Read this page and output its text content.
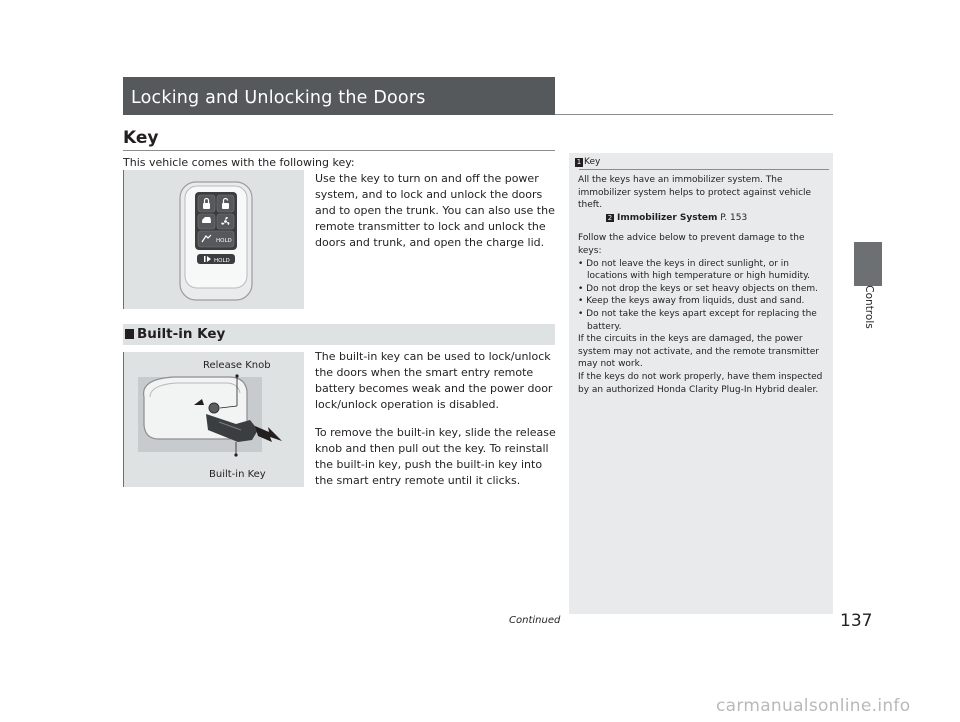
Locking and Unlocking the Doors
Key
This vehicle comes with the following key:
HOLD
HOLD
Use the key to turn on and off the power system, and to lock and unlock the doors and to open the trunk. You can also use the remote transmitter to lock and unlock the doors and trunk, and open the charge lid.
Built-in Key
Release Knob
Built-in Key

The built-in key can be used to lock/unlock the doors when the smart entry remote battery becomes weak and the power door lock/unlock operation is disabled.

To remove the built-in key, slide the release knob and then pull out the key. To reinstall the built-in key, push the built-in key into the smart entry remote until it clicks.

1 Key

All the keys have an immobilizer system. The immobilizer system helps to protect against vehicle theft.

2 Immobilizer System P. 153

Follow the advice below to prevent damage to the keys:

• Do not leave the keys in direct sunlight, or in locations with high temperature or high humidity.

• Do not drop the keys or set heavy objects on them.

• Keep the keys away from liquids, dust and sand.

• Do not take the keys apart except for replacing the battery.

If the circuits in the keys are damaged, the power system may not activate, and the remote transmitter may not work.

If the keys do not work properly, have them inspected by an authorized Honda Clarity Plug-In Hybrid dealer.

Controls
Continued	137
carmanualsonline.info
